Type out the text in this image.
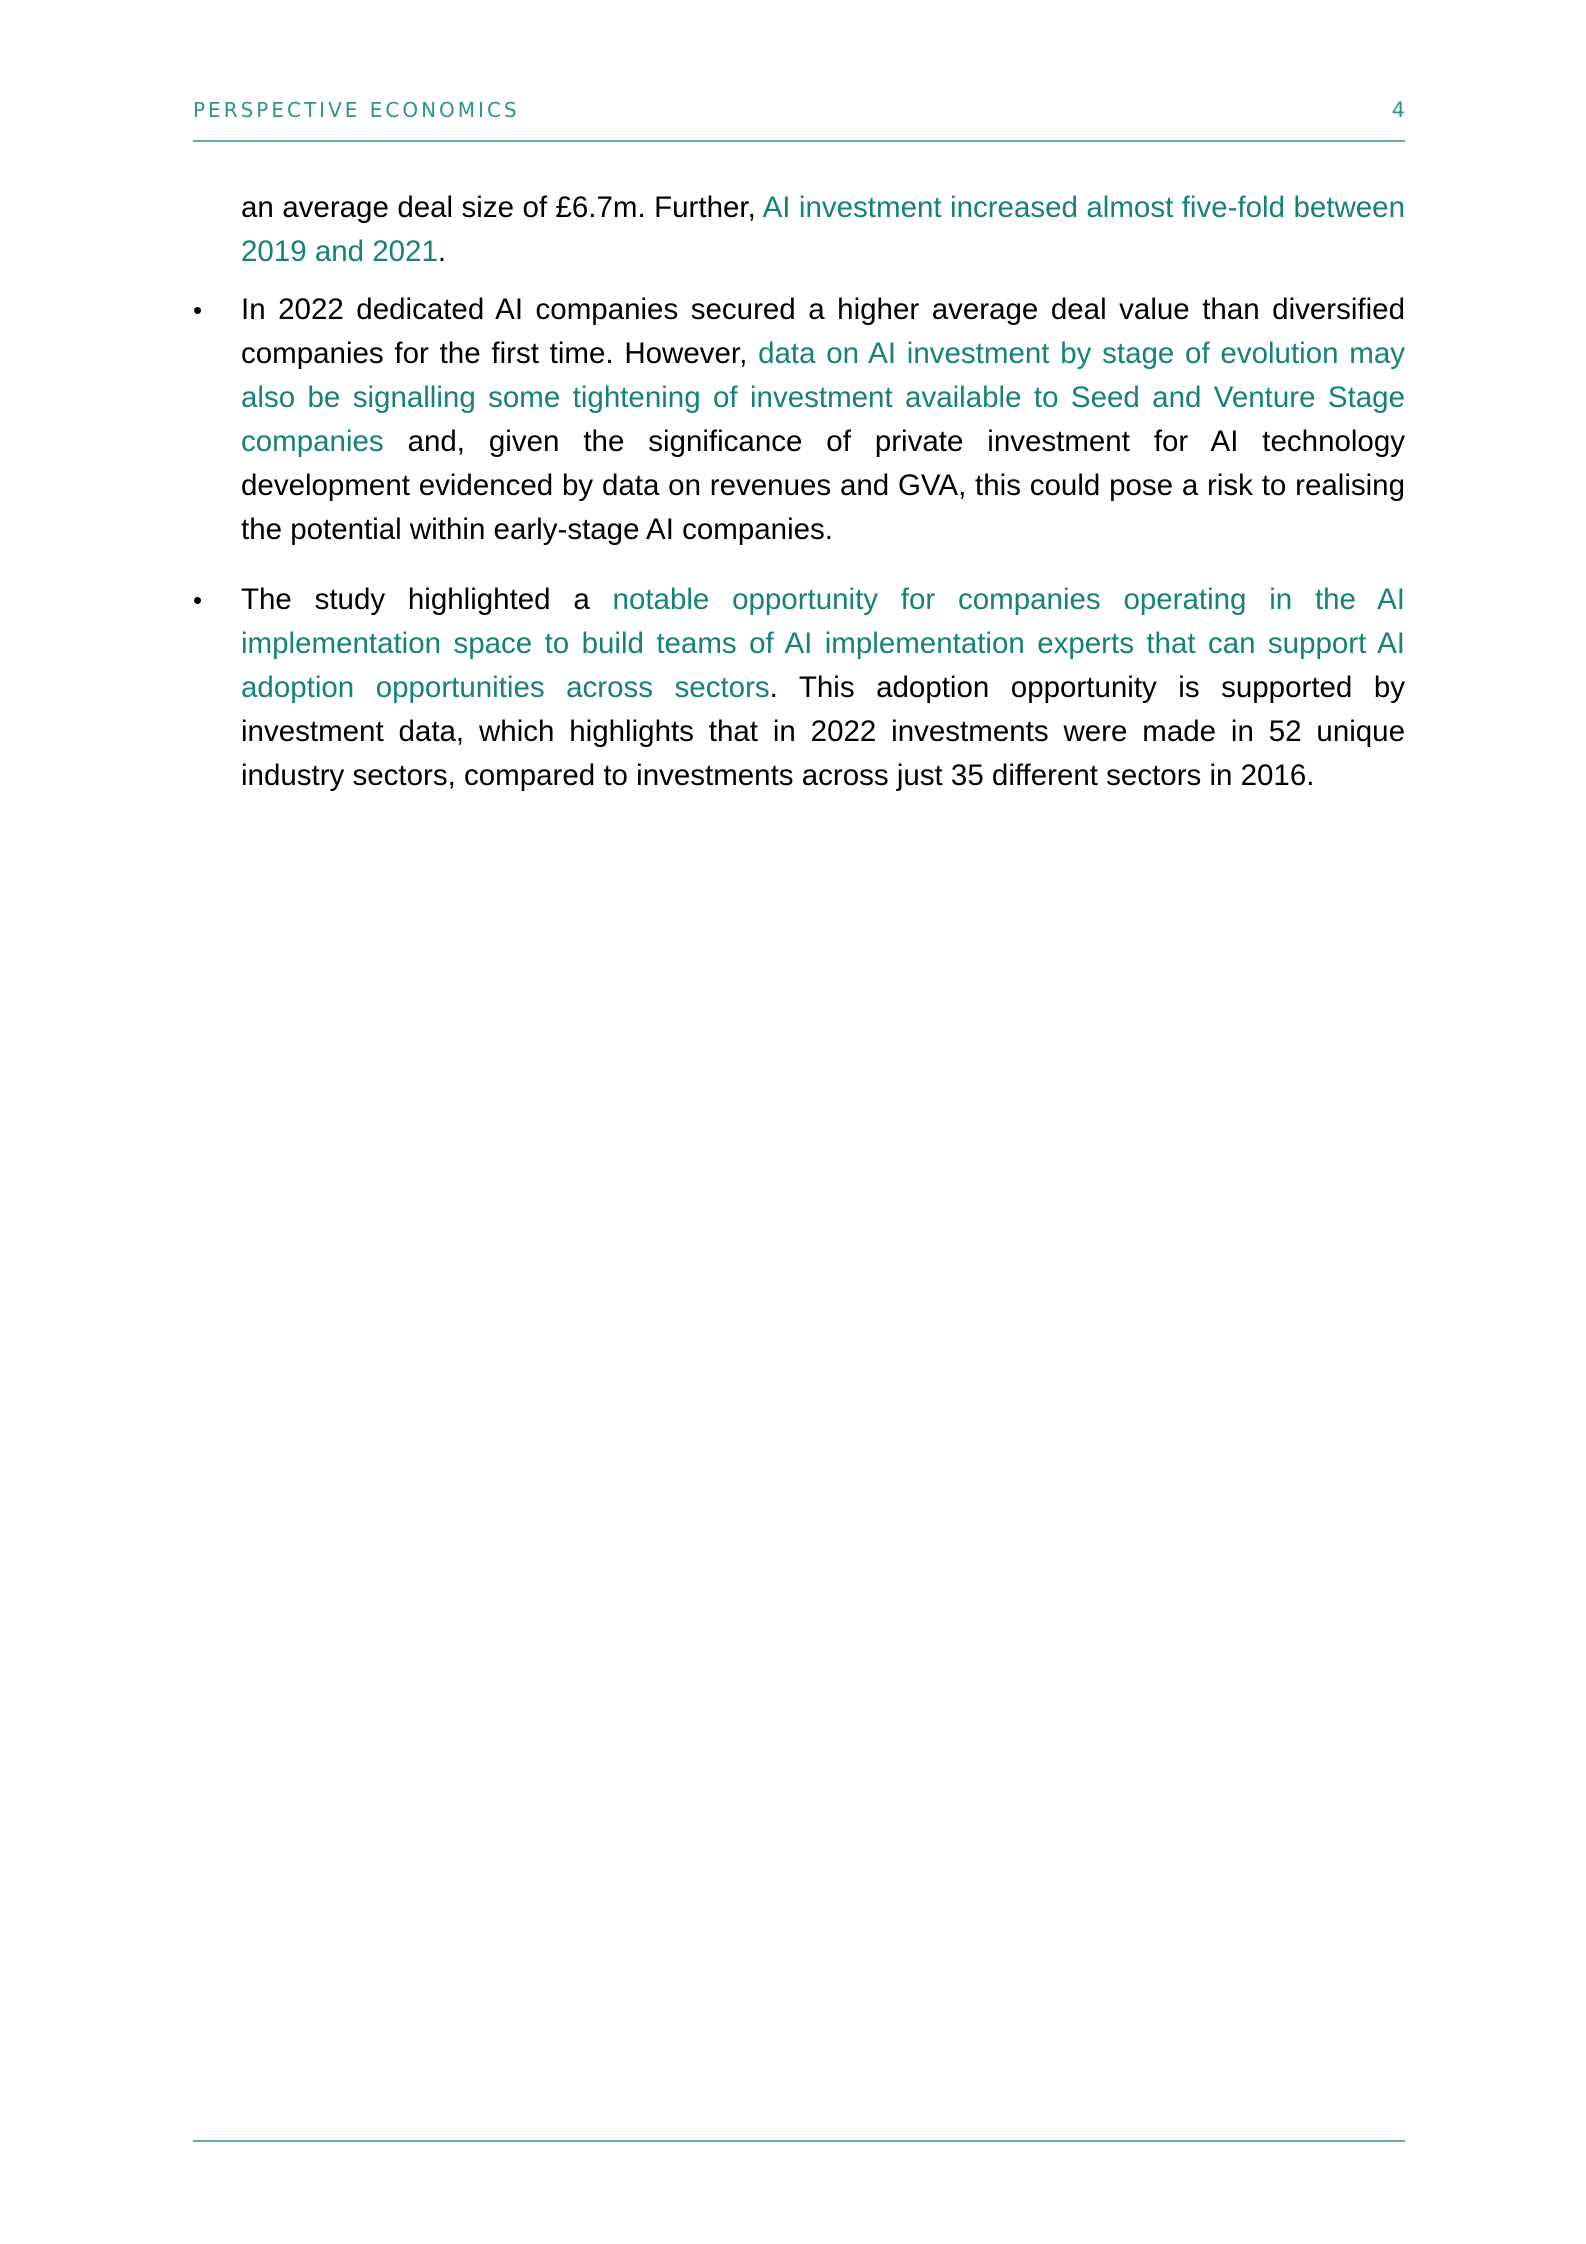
PERSPECTIVE ECONOMICS	4

an average deal size of £6.7m. Further, AI investment increased almost five-fold between 2019 and 2021.

•	In 2022 dedicated AI companies secured a higher average deal value than diversified companies for the first time. However, data on AI investment by stage of evolution may also be signalling some tightening of investment available to Seed and Venture Stage companies and, given the significance of private investment for AI technology development evidenced by data on revenues and GVA, this could pose a risk to realising the potential within early-stage AI companies.

•	The study highlighted a notable opportunity for companies operating in the AI implementation space to build teams of AI implementation experts that can support AI adoption opportunities across sectors. This adoption opportunity is supported by investment data, which highlights that in 2022 investments were made in 52 unique industry sectors, compared to investments across just 35 different sectors in 2016.
